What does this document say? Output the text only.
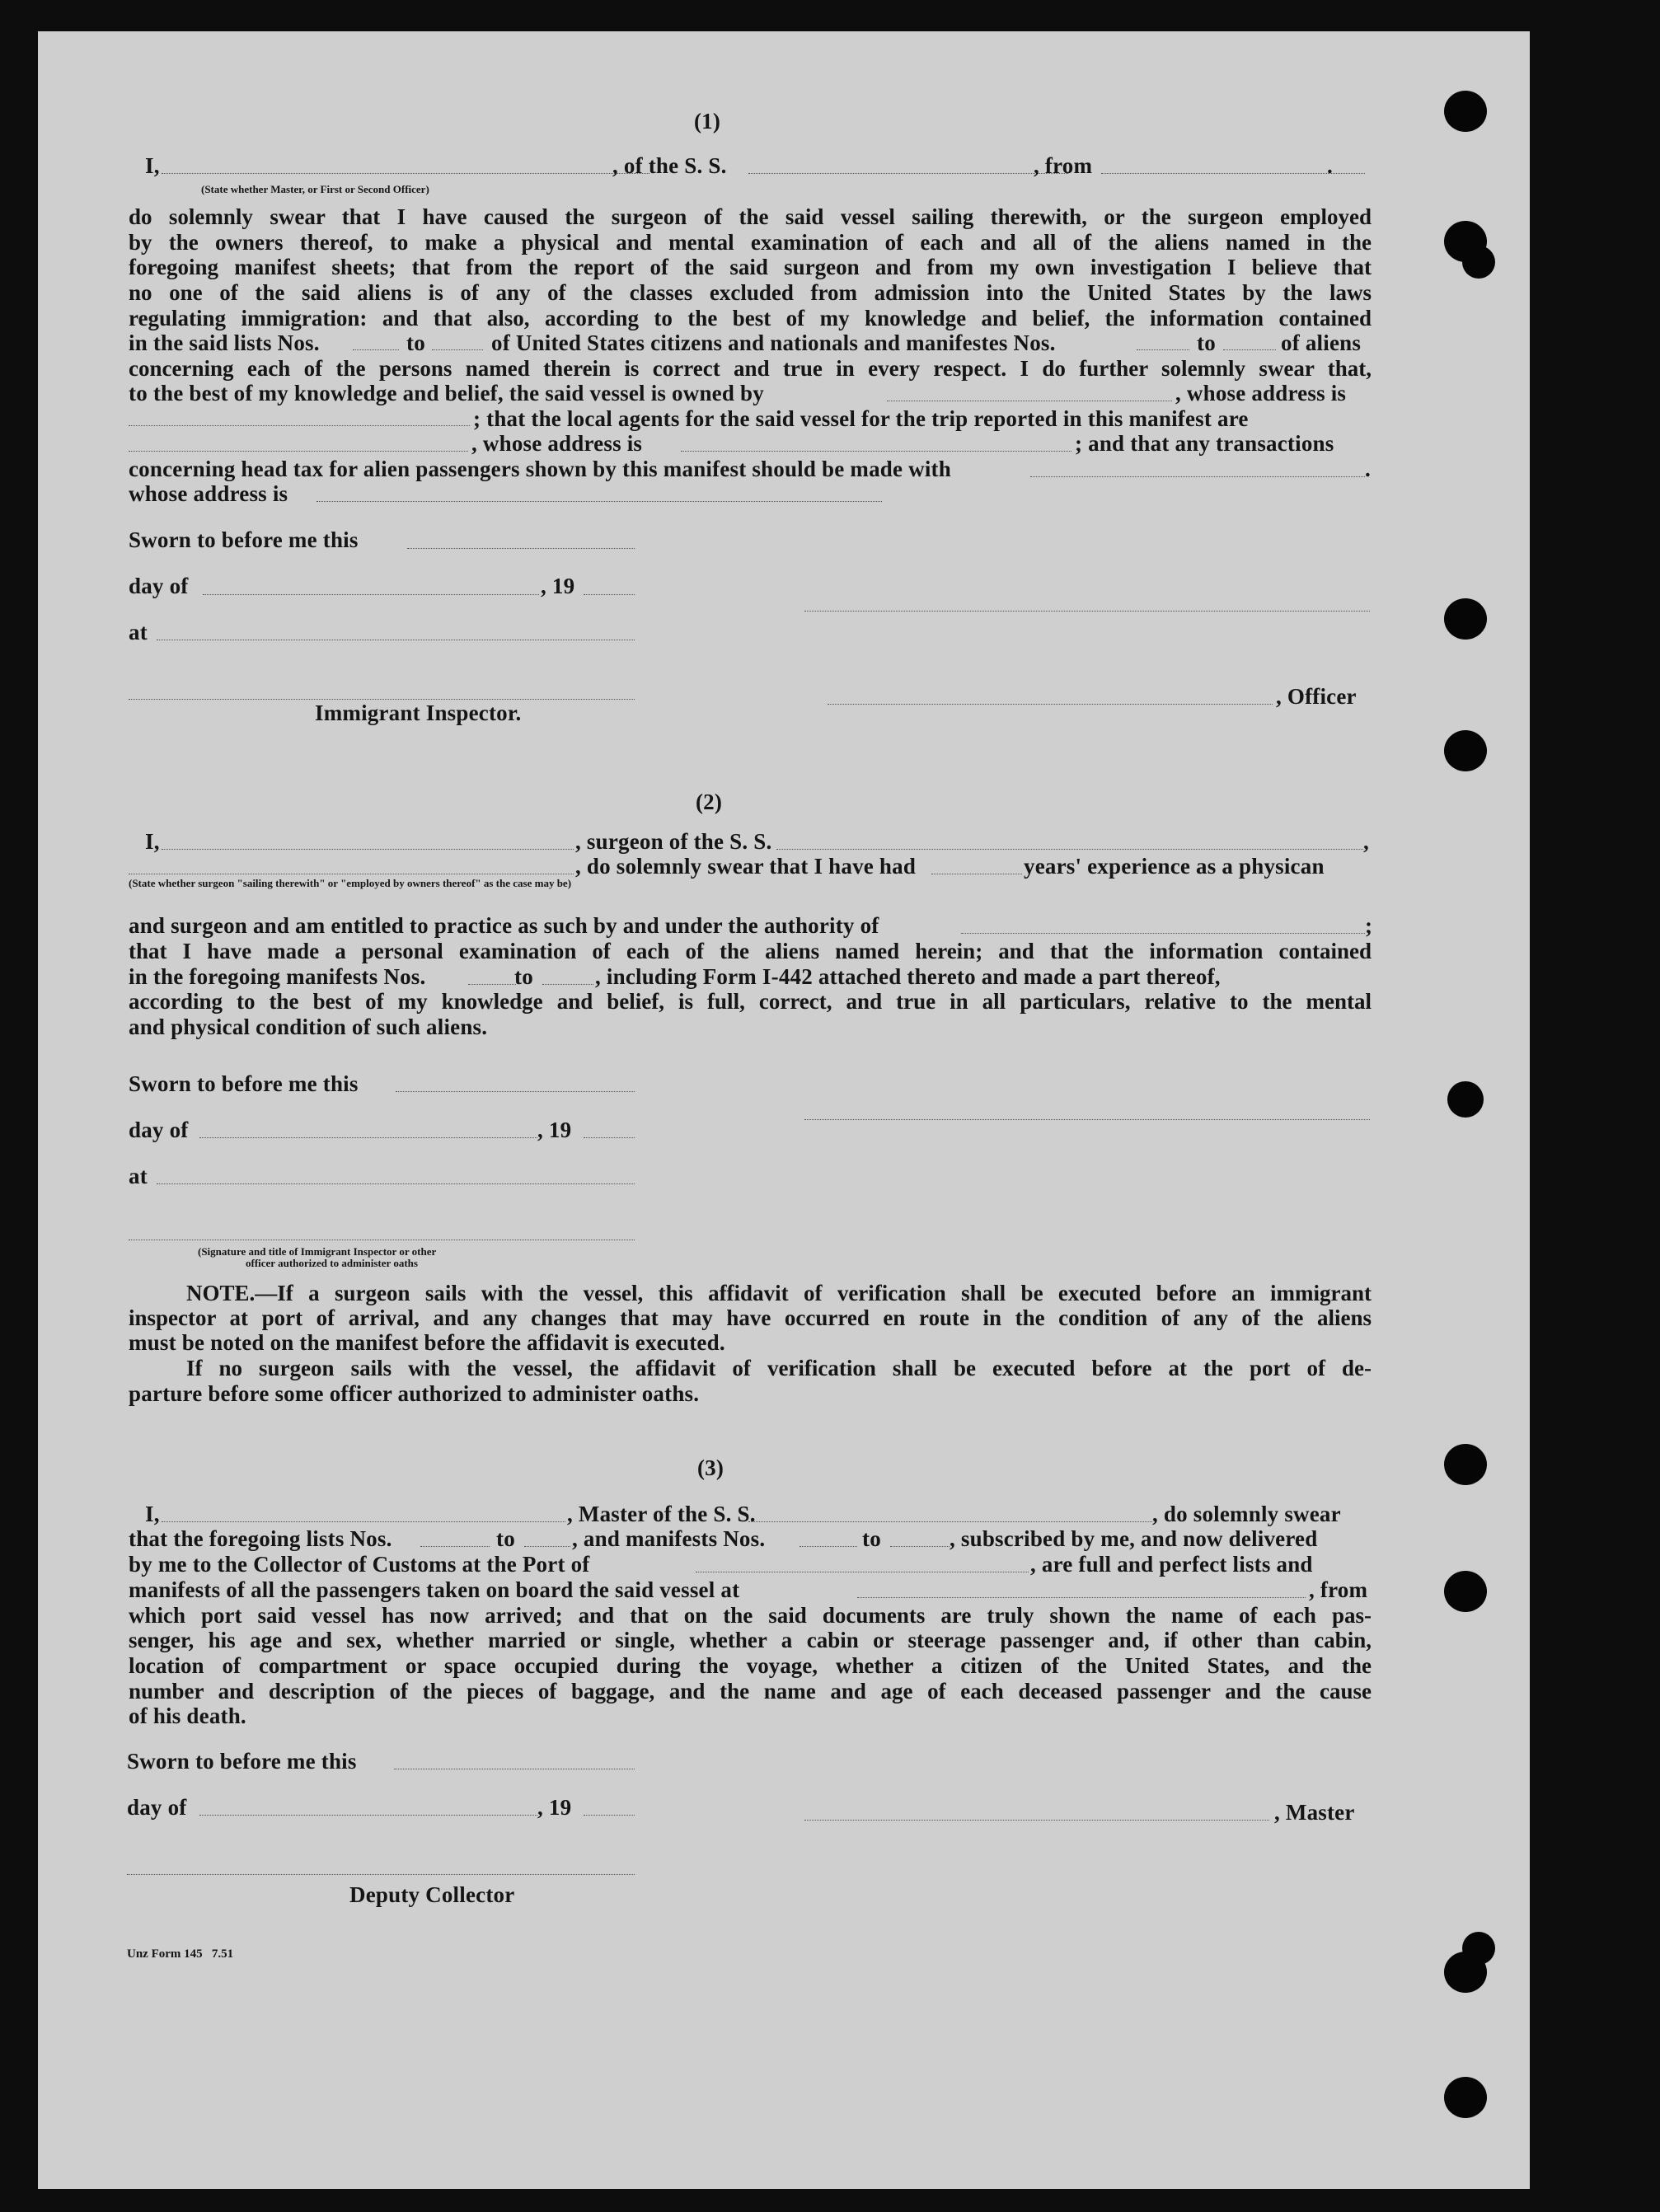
(1)
I,	, of the S. S.	, from	.
(State whether Master, or First or Second Officer)
do solemnly swear that I have caused the surgeon of the said vessel sailing therewith, or the surgeon employed
by the owners thereof, to make a physical and mental examination of each and all of the aliens named in the
foregoing manifest sheets; that from the report of the said surgeon and from my own investigation I believe that
no one of the said aliens is of any of the classes excluded from admission into the United States by the laws
regulating immigration: and that also, according to the best of my knowledge and belief, the information contained
in the said lists Nos.	to	of United States citizens and nationals and manifestes Nos.	to	of aliens
concerning each of the persons named therein is correct and true in every respect. I do further solemnly swear that,
to the best of my knowledge and belief, the said vessel is owned by	, whose address is
; that the local agents for the said vessel for the trip reported in this manifest are
, whose address is	; and that any transactions
concerning head tax for alien passengers shown by this manifest should be made with	.
whose address is
Sworn to before me this
day of	, 19
at
, Officer
Immigrant Inspector.
(2)
I,	, surgeon of the S. S.	,
, do solemnly swear that I have had	years' experience as a physican
(State whether surgeon "sailing therewith" or "employed by owners thereof" as the case may be)
and surgeon and am entitled to practice as such by and under the authority of	;
that I have made a personal examination of each of the aliens named herein; and that the information contained
in the foregoing manifests Nos.	to	, including Form I-442 attached thereto and made a part thereof,
according to the best of my knowledge and belief, is full, correct, and true in all particulars, relative to the mental
and physical condition of such aliens.
Sworn to before me this
day of	, 19
at
(Signature and title of Immigrant Inspector or other
officer authorized to administer oaths
NOTE.—If a surgeon sails with the vessel, this affidavit of verification shall be executed before an immigrant
inspector at port of arrival, and any changes that may have occurred en route in the condition of any of the aliens
must be noted on the manifest before the affidavit is executed.
If no surgeon sails with the vessel, the affidavit of verification shall be executed before at the port of de-
parture before some officer authorized to administer oaths.
(3)
I,	, Master of the S. S.	, do solemnly swear
that the foregoing lists Nos.	to	, and manifests Nos.	to	, subscribed by me, and now delivered
by me to the Collector of Customs at the Port of	, are full and perfect lists and
manifests of all the passengers taken on board the said vessel at	, from
which port said vessel has now arrived; and that on the said documents are truly shown the name of each pas-
senger, his age and sex, whether married or single, whether a cabin or steerage passenger and, if other than cabin,
location of compartment or space occupied during the voyage, whether a citizen of the United States, and the
number and description of the pieces of baggage, and the name and age of each deceased passenger and the cause
of his death.
Sworn to before me this
day of	, 19	, Master
Deputy Collector
Unz Form 145   7.51
